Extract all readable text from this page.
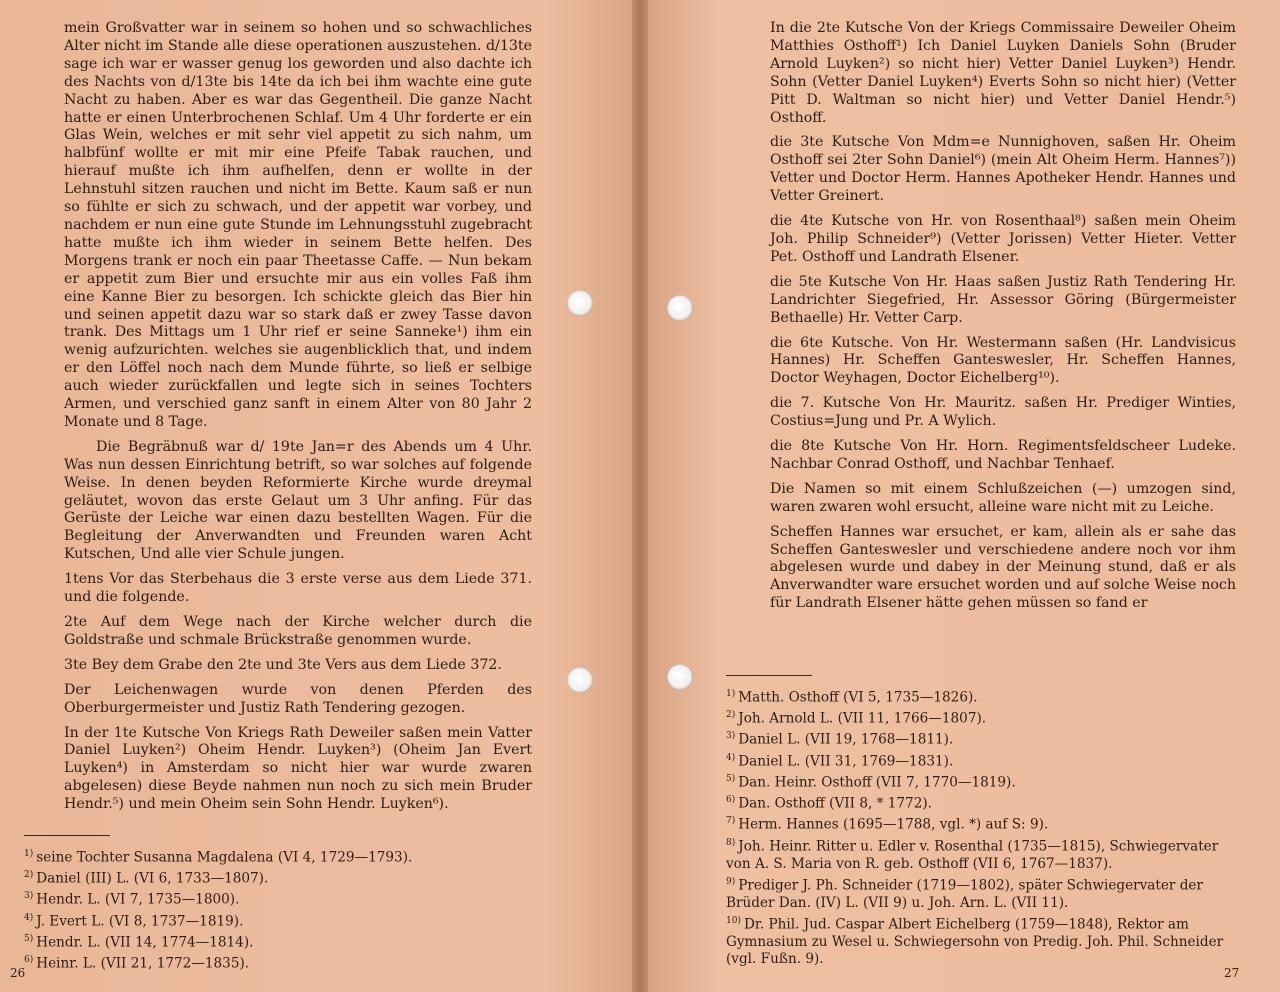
mein Großvatter war in seinem so hohen und so schwachliches Alter nicht im Stande alle diese operationen auszustehen. d/13te sage ich war er wasser genug los geworden und also dachte ich des Nachts von d/13te bis 14te da ich bei ihm wachte eine gute Nacht zu haben. Aber es war das Gegentheil. Die ganze Nacht hatte er einen Unterbrochenen Schlaf. Um 4 Uhr forderte er ein Glas Wein, welches er mit sehr viel appetit zu sich nahm, um halbfünf wollte er mit mir eine Pfeife Tabak rauchen, und hierauf mußte ich ihm aufhelfen, denn er wollte in der Lehnstuhl sitzen rauchen und nicht im Bette. Kaum saß er nun so fühlte er sich zu schwach, und der appetit war vorbey, und nachdem er nun eine gute Stunde im Lehnungsstuhl zugebracht hatte mußte ich ihm wieder in seinem Bette helfen. Des Morgens trank er noch ein paar Theetasse Caffe. — Nun bekam er appetit zum Bier und ersuchte mir aus ein volles Faß ihm eine Kanne Bier zu besorgen. Ich schickte gleich das Bier hin und seinen appetit dazu war so stark daß er zwey Tasse davon trank. Des Mittags um 1 Uhr rief er seine Sanneke¹) ihm ein wenig aufzurichten. welches sie augenblicklich that, und indem er den Löffel noch nach dem Munde führte, so ließ er selbige auch wieder zurückfallen und legte sich in seines Tochters Armen, und verschied ganz sanft in einem Alter von 80 Jahr 2 Monate und 8 Tage.

Die Begräbnuß war d/ 19te Jan=r des Abends um 4 Uhr. Was nun dessen Einrichtung betrift, so war solches auf folgende Weise. In denen beyden Reformierte Kirche wurde dreymal geläutet, wovon das erste Gelaut um 3 Uhr anfing. Für das Gerüste der Leiche war einen dazu bestellten Wagen. Für die Begleitung der Anverwandten und Freunden waren Acht Kutschen, Und alle vier Schule jungen.

1tens Vor das Sterbehaus die 3 erste verse aus dem Liede 371. und die folgende.

2te Auf dem Wege nach der Kirche welcher durch die Goldstraße und schmale Brückstraße genommen wurde.

3te Bey dem Grabe den 2te und 3te Vers aus dem Liede 372.

Der Leichenwagen wurde von denen Pferden des Oberburgermeister und Justiz Rath Tendering gezogen.

In der 1te Kutsche Von Kriegs Rath Deweiler saßen mein Vatter Daniel Luyken²) Oheim Hendr. Luyken³) (Oheim Jan Evert Luyken⁴) in Amsterdam so nicht hier war wurde zwaren abgelesen) diese Beyde nahmen nun noch zu sich mein Bruder Hendr.⁵) und mein Oheim sein Sohn Hendr. Luyken⁶).

$^{1)}$ seine Tochter Susanna Magdalena (VI 4, 1729—1793).

$^{2)}$ Daniel (III) L. (VI 6, 1733—1807).

$^{3)}$ Hendr. L. (VI 7, 1735—1800).

$^{4)}$ J. Evert L. (VI 8, 1737—1819).

$^{5)}$ Hendr. L. (VII 14, 1774—1814).

$^{6)}$ Heinr. L. (VII 21, 1772—1835).

26

In die 2te Kutsche Von der Kriegs Commissaire Deweiler Oheim Matthies Osthoff¹) Ich Daniel Luyken Daniels Sohn (Bruder Arnold Luyken²) so nicht hier) Vetter Daniel Luyken³) Hendr. Sohn (Vetter Daniel Luyken⁴) Everts Sohn so nicht hier) (Vetter Pitt D. Waltman so nicht hier) und Vetter Daniel Hendr.⁵) Osthoff.

die 3te Kutsche Von Mdm=e Nunnighoven, saßen Hr. Oheim Osthoff sei 2ter Sohn Daniel⁶) (mein Alt Oheim Herm. Hannes⁷)) Vetter und Doctor Herm. Hannes Apotheker Hendr. Hannes und Vetter Greinert.

die 4te Kutsche von Hr. von Rosenthaal⁸) saßen mein Oheim Joh. Philip Schneider⁹) (Vetter Jorissen) Vetter Hieter. Vetter Pet. Osthoff und Landrath Elsener.

die 5te Kutsche Von Hr. Haas saßen Justiz Rath Tendering Hr. Landrichter Siegefried, Hr. Assessor Göring (Bürgermeister Bethaelle) Hr. Vetter Carp.

die 6te Kutsche. Von Hr. Westermann saßen (Hr. Landvisicus Hannes) Hr. Scheffen Ganteswesler, Hr. Scheffen Hannes, Doctor Weyhagen, Doctor Eichelberg¹⁰).

die 7. Kutsche Von Hr. Mauritz. saßen Hr. Prediger Winties, Costius=Jung und Pr. A Wylich.

die 8te Kutsche Von Hr. Horn. Regimentsfeldscheer Ludeke. Nachbar Conrad Osthoff, und Nachbar Tenhaef.

Die Namen so mit einem Schlußzeichen (—) umzogen sind, waren zwaren wohl ersucht, alleine ware nicht mit zu Leiche.

Scheffen Hannes war ersuchet, er kam, allein als er sahe das Scheffen Ganteswesler und verschiedene andere noch vor ihm abgelesen wurde und dabey in der Meinung stund, daß er als Anverwandter ware ersuchet worden und auf solche Weise noch für Landrath Elsener hätte gehen müssen so fand er

$^{1)}$ Matth. Osthoff (VI 5, 1735—1826).

$^{2)}$ Joh. Arnold L. (VII 11, 1766—1807).

$^{3)}$ Daniel L. (VII 19, 1768—1811).

$^{4)}$ Daniel L. (VII 31, 1769—1831).

$^{5)}$ Dan. Heinr. Osthoff (VII 7, 1770—1819).

$^{6)}$ Dan. Osthoff (VII 8, * 1772).

$^{7)}$ Herm. Hannes (1695—1788, vgl. *) auf S: 9).

$^{8)}$ Joh. Heinr. Ritter u. Edler v. Rosenthal (1735—1815), Schwiegervater von A. S. Maria von R. geb. Osthoff (VII 6, 1767—1837).

$^{9)}$ Prediger J. Ph. Schneider (1719—1802), später Schwiegervater der Brüder Dan. (IV) L. (VII 9) u. Joh. Arn. L. (VII 11).

$^{10)}$ Dr. Phil. Jud. Caspar Albert Eichelberg (1759—1848), Rektor am Gymnasium zu Wesel u. Schwiegersohn von Predig. Joh. Phil. Schneider (vgl. Fußn. 9).

27
